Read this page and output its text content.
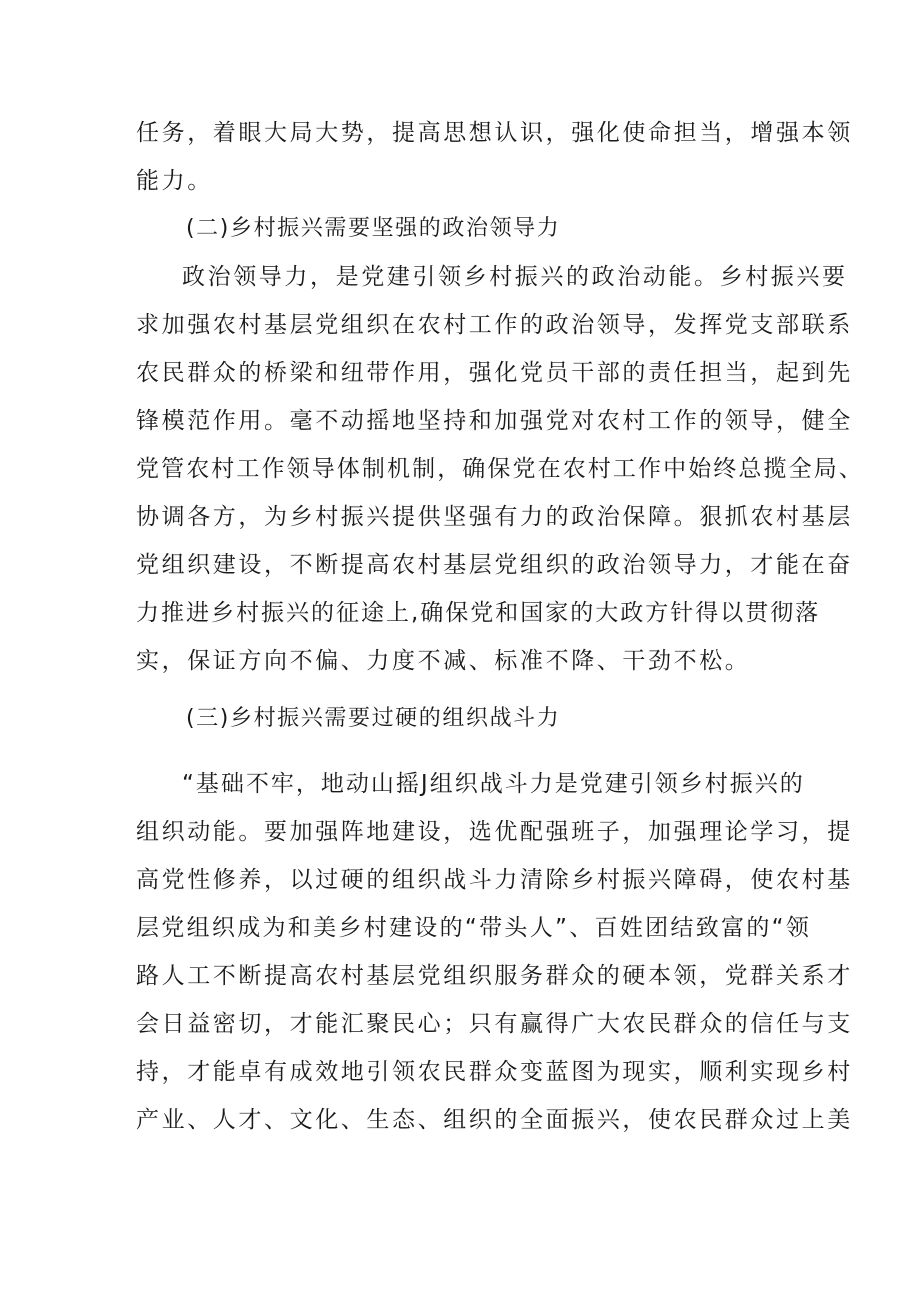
任务，着眼大局大势，提高思想认识，强化使命担当，增强本领
能力。
(二)乡村振兴需要坚强的政治领导力
政治领导力，是党建引领乡村振兴的政治动能。乡村振兴要
求加强农村基层党组织在农村工作的政治领导，发挥党支部联系
农民群众的桥梁和纽带作用，强化党员干部的责任担当，起到先
锋模范作用。毫不动摇地坚持和加强党对农村工作的领导，健全
党管农村工作领导体制机制，确保党在农村工作中始终总揽全局、
协调各方，为乡村振兴提供坚强有力的政治保障。狠抓农村基层
党组织建设，不断提高农村基层党组织的政治领导力，才能在奋
力推进乡村振兴的征途上,确保党和国家的大政方针得以贯彻落
实，保证方向不偏、力度不减、标准不降、干劲不松。
(三)乡村振兴需要过硬的组织战斗力
“基础不牢，地动山摇J组织战斗力是党建引领乡村振兴的
组织动能。要加强阵地建设，选优配强班子，加强理论学习，提
高党性修养，以过硬的组织战斗力清除乡村振兴障碍，使农村基
层党组织成为和美乡村建设的“带头人”、百姓团结致富的“领
路人工不断提高农村基层党组织服务群众的硬本领，党群关系才
会日益密切，才能汇聚民心；只有赢得广大农民群众的信任与支
持，才能卓有成效地引领农民群众变蓝图为现实，顺利实现乡村
产业、人才、文化、生态、组织的全面振兴，使农民群众过上美
